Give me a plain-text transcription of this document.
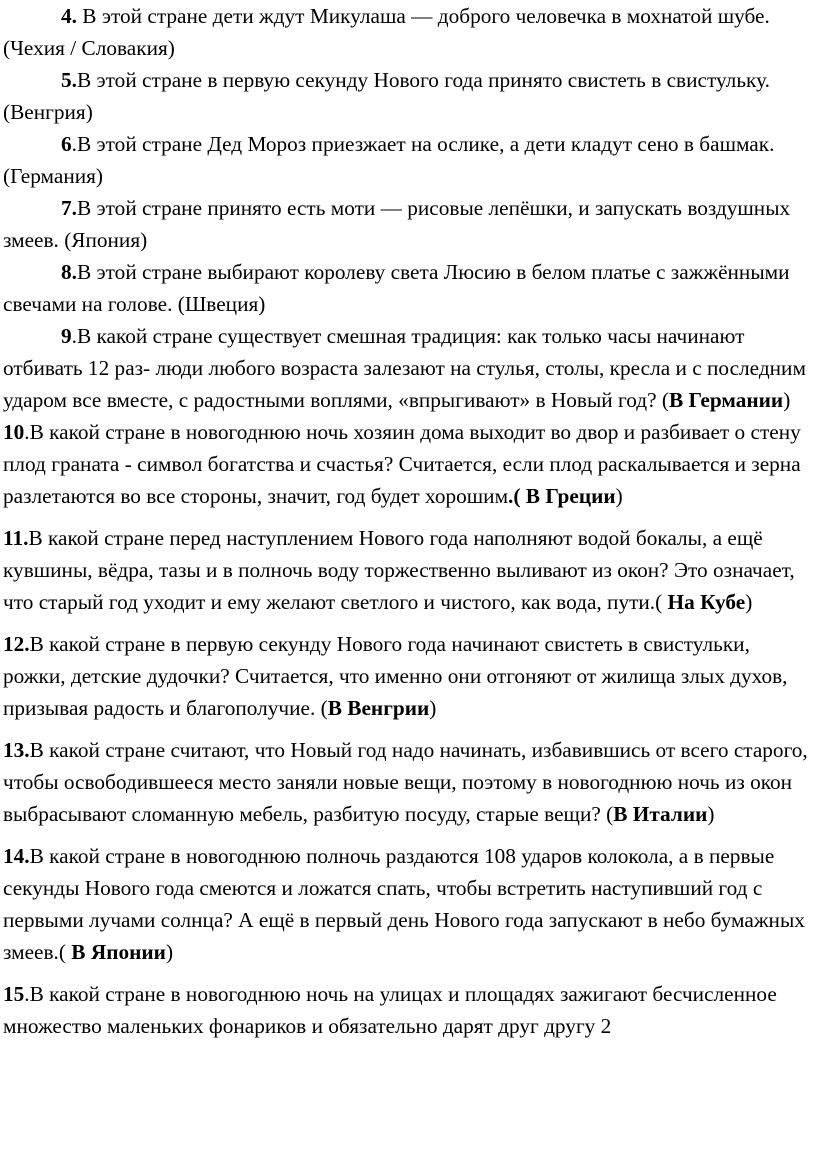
4. В этой стране дети ждут Микулаша — доброго человечка в мохнатой шубе. (Чехия / Словакия)

5.В этой стране в первую секунду Нового года принято свистеть в свистульку. (Венгрия)

6.В этой стране Дед Мороз приезжает на ослике, а дети кладут сено в башмак. (Германия)

7.В этой стране принято есть моти — рисовые лепёшки, и запускать воздушных змеев. (Япония)

8.В этой стране выбирают королеву света Люсию в белом платье с зажжёнными свечами на голове. (Швеция)

9.В какой стране существует смешная традиция: как только часы начинают отбивать 12 раз- люди любого возраста залезают на стулья, столы, кресла и с последним ударом все вместе, с радостными воплями, «впрыгивают» в Новый год? (В Германии)

10.В какой стране в новогоднюю ночь хозяин дома выходит во двор и разбивает о стену плод граната - символ богатства и счастья? Считается, если плод раскалывается и зерна разлетаются во все стороны, значит, год будет хорошим.( В Греции)

11.В какой стране перед наступлением Нового года наполняют водой бокалы, а ещё кувшины, вёдра, тазы и в полночь воду торжественно выливают из окон? Это означает, что старый год уходит и ему желают светлого и чистого, как вода, пути.( На Кубе)

12.В какой стране в первую секунду Нового года начинают свистеть в свистульки, рожки, детские дудочки? Считается, что именно они отгоняют от жилища злых духов, призывая радость и благополучие. (В Венгрии)

13.В какой стране считают, что Новый год надо начинать, избавившись от всего старого, чтобы освободившееся место заняли новые вещи, поэтому в новогоднюю ночь из окон выбрасывают сломанную мебель, разбитую посуду, старые вещи? (В Италии)

14.В какой стране в новогоднюю полночь раздаются 108 ударов колокола, а в первые секунды Нового года смеются и ложатся спать, чтобы встретить наступивший год с первыми лучами солнца? А ещё в первый день Нового года запускают в небо бумажных змеев.( В Японии)

15.В какой стране в новогоднюю ночь на улицах и площадях зажигают бесчисленное множество маленьких фонариков и обязательно дарят друг другу 2
